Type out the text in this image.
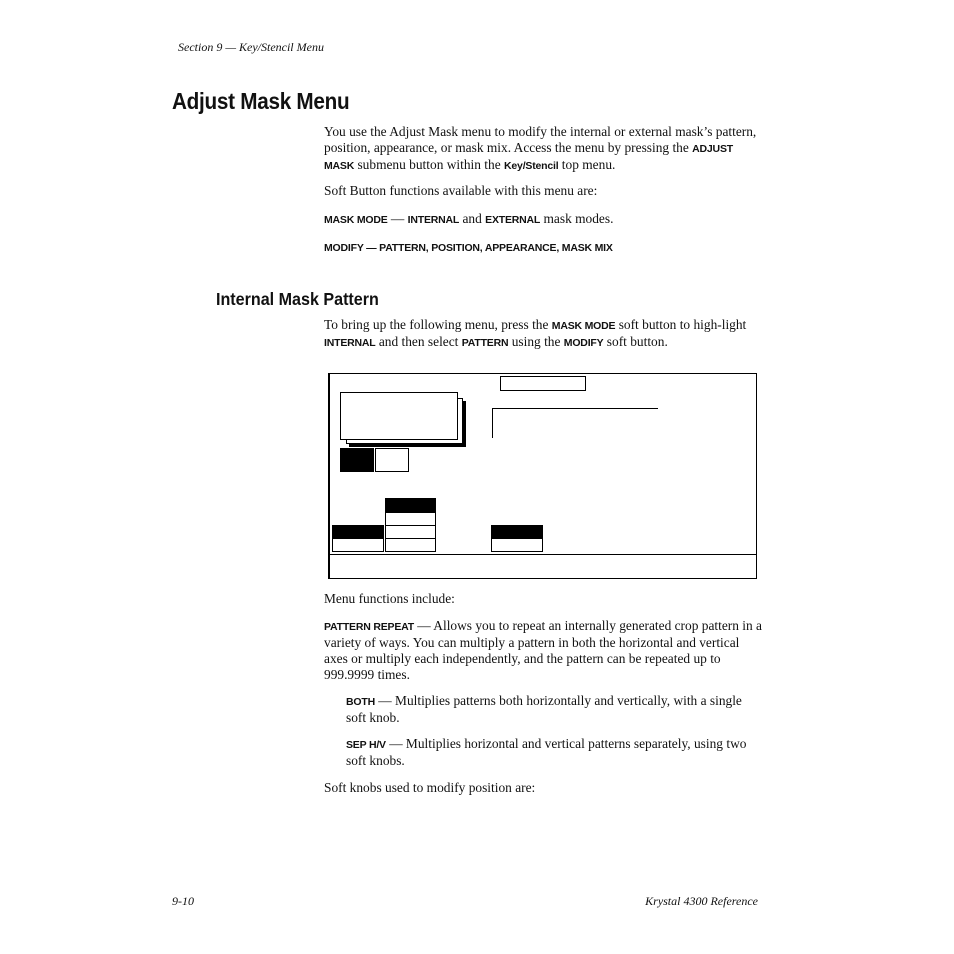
Section 9 — Key/Stencil Menu
Adjust Mask Menu
You use the Adjust Mask menu to modify the internal or external mask’s pattern, position, appearance, or mask mix. Access the menu by pressing the ADJUST MASK submenu button within the Key/Stencil top menu.
Soft Button functions available with this menu are:
MASK MODE — INTERNAL and EXTERNAL mask modes.
MODIFY — PATTERN, POSITION, APPEARANCE, MASK MIX
Internal Mask Pattern
To bring up the following menu, press the MASK MODE soft button to high-light INTERNAL and then select PATTERN using the MODIFY soft button.
Menu functions include:
PATTERN REPEAT — Allows you to repeat an internally generated crop pattern in a variety of ways. You can multiply a pattern in both the horizontal and vertical axes or multiply each independently, and the pattern can be repeated up to 999.9999 times.
BOTH — Multiplies patterns both horizontally and vertically, with a single soft knob.
SEP H/V — Multiplies horizontal and vertical patterns separately, using two soft knobs.
Soft knobs used to modify position are:
9-10	Krystal 4300 Reference
